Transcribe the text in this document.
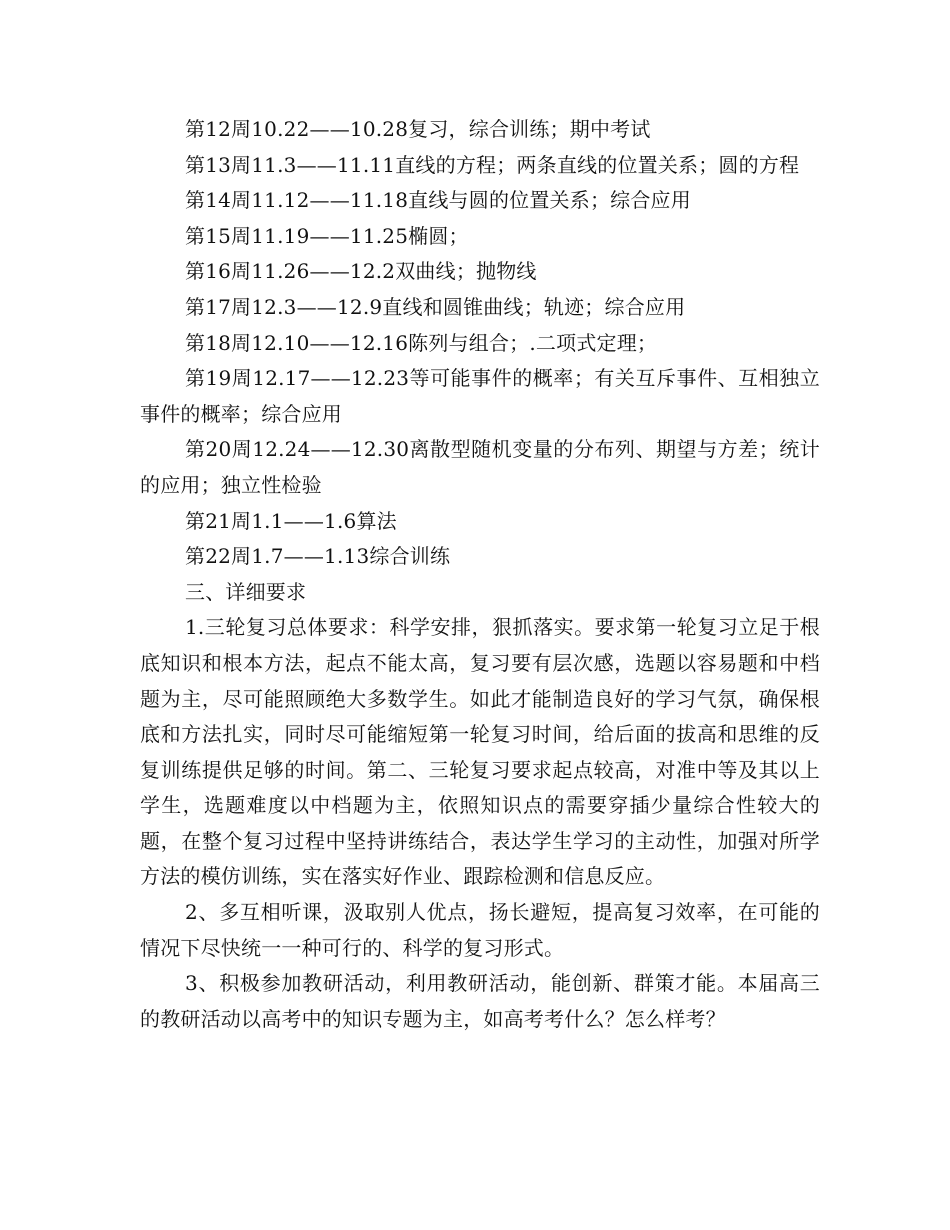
第12周10.22——10.28复习，综合训练；期中考试

第13周11.3——11.11直线的方程；两条直线的位置关系；圆的方程

第14周11.12——11.18直线与圆的位置关系；综合应用

第15周11.19——11.25椭圆；

第16周11.26——12.2双曲线；抛物线

第17周12.3——12.9直线和圆锥曲线；轨迹；综合应用

第18周12.10——12.16陈列与组合；.二项式定理；

第19周12.17——12.23等可能事件的概率；有关互斥事件、互相独立事件的概率；综合应用

第20周12.24——12.30离散型随机变量的分布列、期望与方差；统计的应用；独立性检验

第21周1.1——1.6算法

第22周1.7——1.13综合训练

三、详细要求

1.三轮复习总体要求：科学安排，狠抓落实。要求第一轮复习立足于根底知识和根本方法，起点不能太高，复习要有层次感，选题以容易题和中档题为主，尽可能照顾绝大多数学生。如此才能制造良好的学习气氛，确保根底和方法扎实，同时尽可能缩短第一轮复习时间，给后面的拔高和思维的反复训练提供足够的时间。第二、三轮复习要求起点较高，对准中等及其以上学生，选题难度以中档题为主，依照知识点的需要穿插少量综合性较大的题，在整个复习过程中坚持讲练结合，表达学生学习的主动性，加强对所学方法的模仿训练，实在落实好作业、跟踪检测和信息反应。

2、多互相听课，汲取别人优点，扬长避短，提高复习效率，在可能的情况下尽快统一一种可行的、科学的复习形式。

3、积极参加教研活动，利用教研活动，能创新、群策才能。本届高三的教研活动以高考中的知识专题为主，如高考考什么？怎么样考？
